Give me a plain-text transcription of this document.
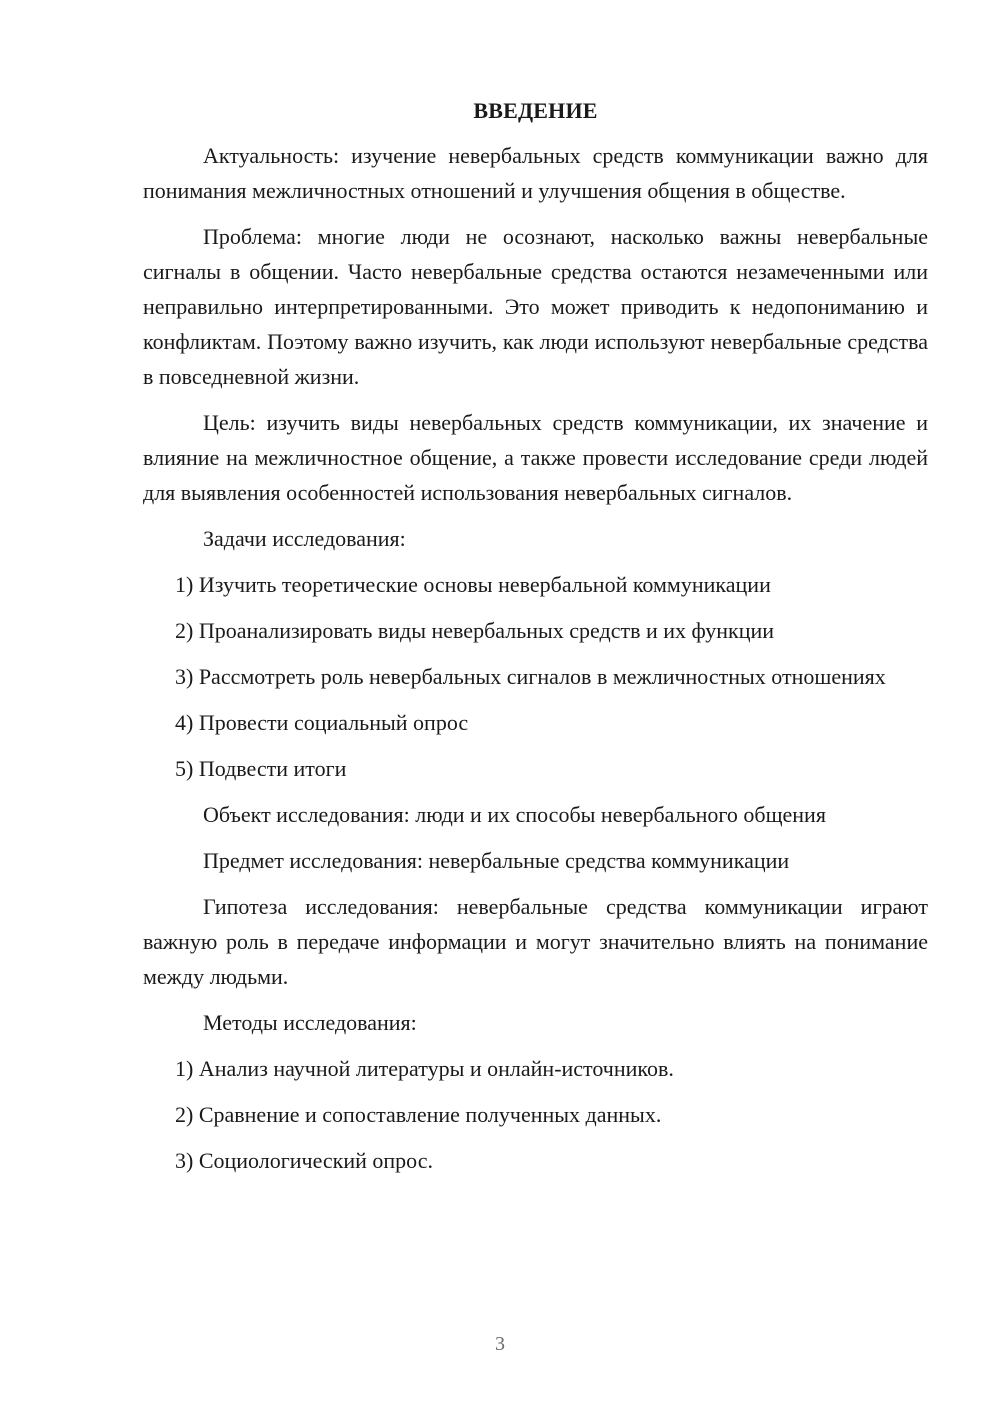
ВВЕДЕНИЕ

Актуальность: изучение невербальных средств коммуникации важно для понимания межличностных отношений и улучшения общения в обществе.

Проблема: многие люди не осознают, насколько важны невербальные сигналы в общении. Часто невербальные средства остаются незамеченными или неправильно интерпретированными. Это может приводить к недопониманию и конфликтам. Поэтому важно изучить, как люди используют невербальные средства в повседневной жизни.

Цель: изучить виды невербальных средств коммуникации, их значение и влияние на межличностное общение, а также провести исследование среди людей для выявления особенностей использования невербальных сигналов.

Задачи исследования:

1) Изучить теоретические основы невербальной коммуникации

2) Проанализировать виды невербальных средств и их функции

3) Рассмотреть роль невербальных сигналов в межличностных отношениях

4) Провести социальный опрос

5) Подвести итоги

Объект исследования: люди и их способы невербального общения

Предмет исследования: невербальные средства коммуникации

Гипотеза исследования: невербальные средства коммуникации играют важную роль в передаче информации и могут значительно влиять на понимание между людьми.

Методы исследования:

1) Анализ научной литературы и онлайн-источников.

2) Сравнение и сопоставление полученных данных.

3) Социологический опрос.

3
